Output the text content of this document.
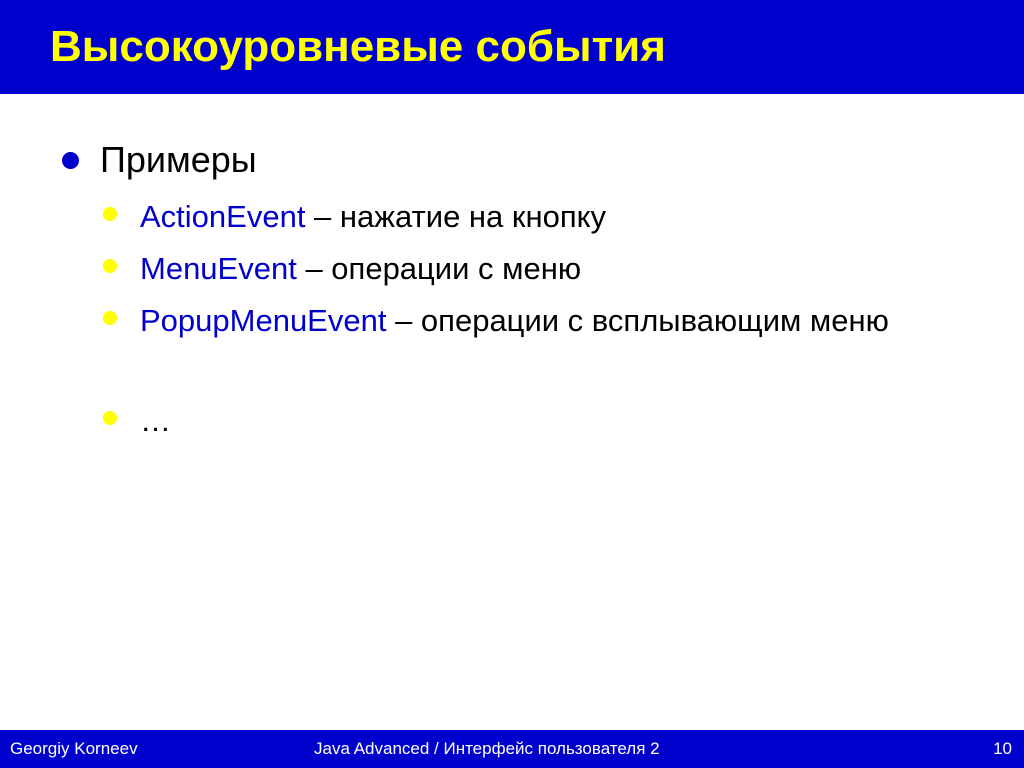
Высокоуровневые события
Примеры
ActionEvent – нажатие на кнопку
MenuEvent – операции с меню
PopupMenuEvent – операции с всплывающим меню
…
Georgiy Korneev	Java Advanced / Интерфейс пользователя 2	10
